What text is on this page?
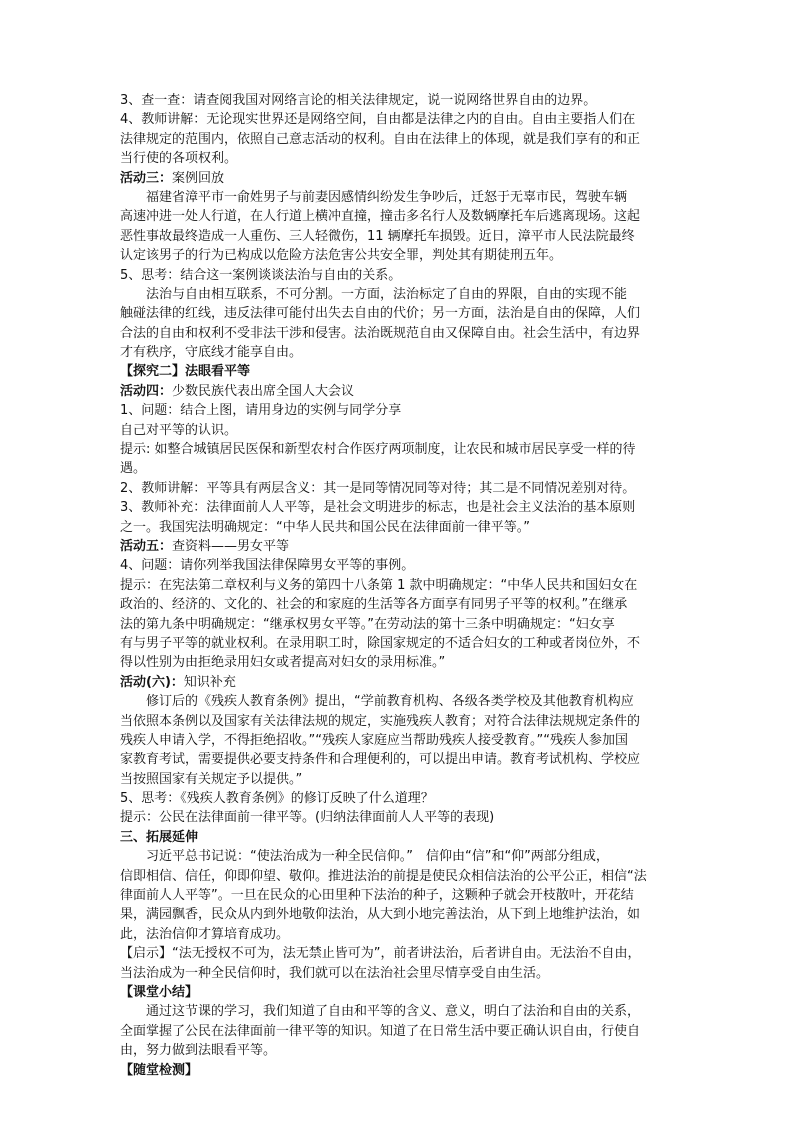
3、查一查：请查阅我国对网络言论的相关法律规定，说一说网络世界自由的边界。
4、教师讲解：无论现实世界还是网络空间，自由都是法律之内的自由。自由主要指人们在
法律规定的范围内，依照自己意志活动的权利。自由在法律上的体现，就是我们享有的和正
当行使的各项权利。
活动三：案例回放
福建省漳平市一俞姓男子与前妻因感情纠纷发生争吵后，迁怒于无辜市民，驾驶车辆
高速冲进一处人行道，在人行道上横冲直撞，撞击多名行人及数辆摩托车后逃离现场。这起
恶性事故最终造成一人重伤、三人轻微伤，11 辆摩托车损毁。近日，漳平市人民法院最终
认定该男子的行为已构成以危险方法危害公共安全罪，判处其有期徒刑五年。
5、思考：结合这一案例谈谈法治与自由的关系。
法治与自由相互联系，不可分割。一方面，法治标定了自由的界限，自由的实现不能
触碰法律的红线，违反法律可能付出失去自由的代价；另一方面，法治是自由的保障，人们
合法的自由和权利不受非法干涉和侵害。法治既规范自由又保障自由。社会生活中，有边界
才有秩序，守底线才能享自由。
【探究二】法眼看平等
活动四：少数民族代表出席全国人大会议
1、问题：结合上图，请用身边的实例与同学分享
自己对平等的认识。
提示: 如整合城镇居民医保和新型农村合作医疗两项制度，让农民和城市居民享受一样的待
遇。
2、教师讲解：平等具有两层含义：其一是同等情况同等对待；其二是不同情况差别对待。
3、教师补充：法律面前人人平等，是社会文明进步的标志，也是社会主义法治的基本原则
之一。我国宪法明确规定：“中华人民共和国公民在法律面前一律平等。”
活动五：查资料——男女平等
4、问题：请你列举我国法律保障男女平等的事例。
提示：在宪法第二章权利与义务的第四十八条第 1 款中明确规定：“中华人民共和国妇女在
政治的、经济的、文化的、社会的和家庭的生活等各方面享有同男子平等的权利。”在继承
法的第九条中明确规定：“继承权男女平等。”在劳动法的第十三条中明确规定：“妇女享
有与男子平等的就业权利。在录用职工时，除国家规定的不适合妇女的工种或者岗位外，不
得以性别为由拒绝录用妇女或者提高对妇女的录用标准。”
活动(六)：知识补充
修订后的《残疾人教育条例》提出，“学前教育机构、各级各类学校及其他教育机构应
当依照本条例以及国家有关法律法规的规定，实施残疾人教育；对符合法律法规规定条件的
残疾人申请入学，不得拒绝招收。”“残疾人家庭应当帮助残疾人接受教育。”“残疾人参加国
家教育考试，需要提供必要支持条件和合理便利的，可以提出申请。教育考试机构、学校应
当按照国家有关规定予以提供。”
5、思考：《残疾人教育条例》的修订反映了什么道理？
提示：公民在法律面前一律平等。(归纳法律面前人人平等的表现)
三、拓展延伸
习近平总书记说：“使法治成为一种全民信仰。”　信仰由“信”和“仰”两部分组成，
信即相信、信任，仰即仰望、敬仰。推进法治的前提是使民众相信法治的公平公正，相信“法
律面前人人平等”。一旦在民众的心田里种下法治的种子，这颗种子就会开枝散叶，开花结
果，满园飘香，民众从内到外地敬仰法治，从大到小地完善法治，从下到上地维护法治，如
此，法治信仰才算培育成功。
【启示】“法无授权不可为，法无禁止皆可为”，前者讲法治，后者讲自由。无法治不自由，
当法治成为一种全民信仰时，我们就可以在法治社会里尽情享受自由生活。
【课堂小结】
通过这节课的学习，我们知道了自由和平等的含义、意义，明白了法治和自由的关系，
全面掌握了公民在法律面前一律平等的知识。知道了在日常生活中要正确认识自由，行使自
由，努力做到法眼看平等。
【随堂检测】
